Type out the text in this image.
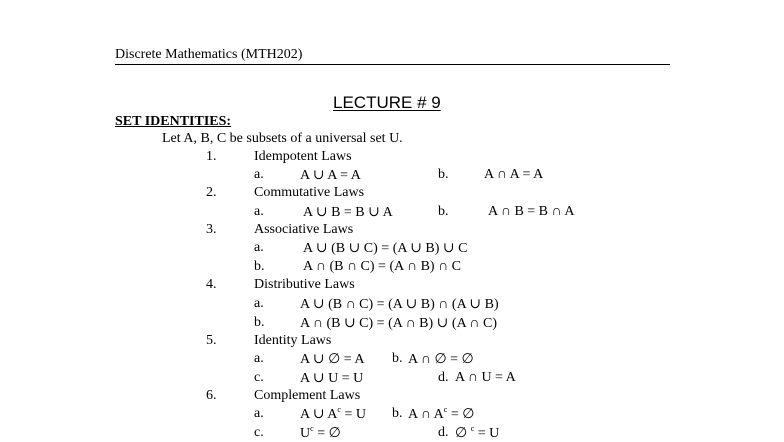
Discrete Mathematics (MTH202)
LECTURE # 9
SET IDENTITIES:
Let A, B, C be subsets of a universal set U.
1.	Idempotent Laws
a.	A ∪ A = A	b.	A ∩ A = A
2.	Commutative Laws
a.	A ∪ B = B ∪ A	b.	A ∩ B = B ∩ A
3.	Associative Laws
a.	A ∪ (B ∪ C) = (A ∪ B) ∪ C
b.	A ∩ (B ∩ C) = (A ∩ B) ∩ C
4.	Distributive Laws
a.	A ∪ (B ∩ C) = (A ∪ B) ∩ (A ∪ B)
b.	A ∩ (B ∪ C) = (A ∩ B) ∪ (A ∩ C)
5.	Identity Laws
a.	A ∪ ∅ = A b. A ∩ ∅ = ∅
c.	A ∪ U = U	d. A ∩ U = A
6.	Complement Laws
a.	A ∪ $A^c = U$ b. A ∩ $A^c$ = ∅
c.	$U^c$ = ∅	d. ∅ $^c$ = U
